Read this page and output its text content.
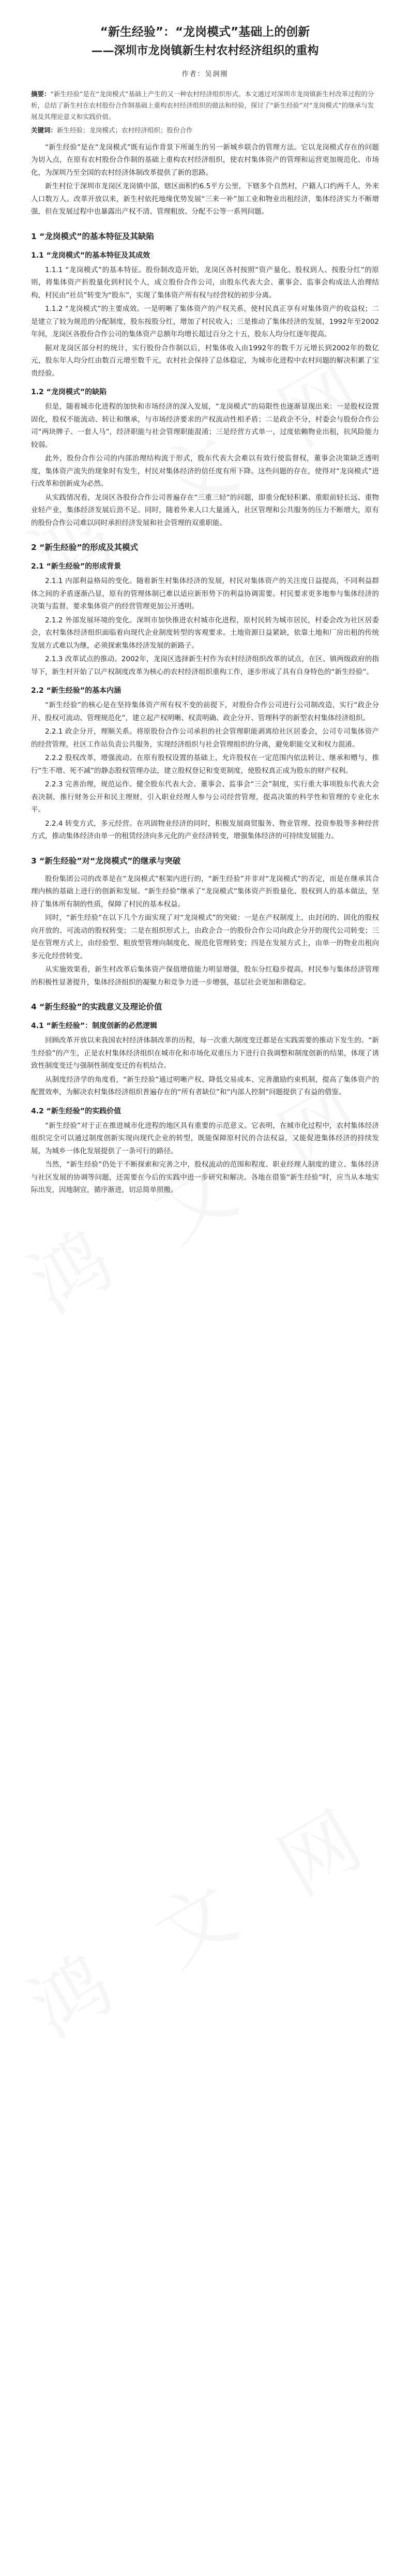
“新生经验”：“龙岗模式”基础上的创新
——深圳市龙岗镇新生村农村经济组织的重构
作者：吴润刚

摘要：“新生经验”是在“龙岗模式”基础上产生的又一种农村经济组织形式。本文通过对深圳市龙岗镇新生村改革过程的分析，总结了新生村在农村股份合作制基础上重构农村经济组织的做法和经验，探讨了“新生经验”对“龙岗模式”的继承与发展及其理论意义和实践价值。

关键词：新生经验；龙岗模式；农村经济组织；股份合作

“新生经验”是在“龙岗模式”既有运作背景下所诞生的另一新城乡联合的管理方法。它以龙岗模式存在的问题为切入点，在原有农村股份合作制的基础上重构农村经济组织，使农村集体资产的管理和运营更加规范化、市场化，为深圳乃至全国的农村经济体制改革提供了新的思路。

新生村位于深圳市龙岗区龙岗镇中部，辖区面积约6.5平方公里，下辖多个自然村，户籍人口约两千人，外来人口数万人。改革开放以来，新生村依托地缘优势发展“三来一补”加工业和物业出租经济，集体经济实力不断增强，但在发展过程中也暴露出产权不清、管理粗放、分配不公等一系列问题。

1 “龙岗模式”的基本特征及其缺陷
1.1 “龙岗模式”的基本特征及其成效

1.1.1 “龙岗模式”的基本特征。股份制改造开始，龙岗区各村按照“资产量化、股权到人、按股分红”的原则，将集体资产折股量化到村民个人，成立股份合作公司，由股东代表大会、董事会、监事会构成法人治理结构，村民由“社员”转变为“股东”，实现了集体资产所有权与经营权的初步分离。

1.1.2 “龙岗模式”的主要成效。一是明晰了集体资产的产权关系，使村民真正享有对集体资产的收益权；二是建立了较为规范的分配制度，股东按股分红，增加了村民收入；三是推动了集体经济的发展，1992年至2002年间，龙岗区各股份合作公司的集体资产总额年均增长超过百分之十五，股东人均分红逐年提高。

据对龙岗区部分村的统计，实行股份合作制以后，村集体收入由1992年的数千万元增长到2002年的数亿元，股东年人均分红由数百元增至数千元，农村社会保持了总体稳定，为城市化进程中农村问题的解决积累了宝贵经验。

1.2 “龙岗模式”的缺陷

但是，随着城市化进程的加快和市场经济的深入发展，“龙岗模式”的局限性也逐渐显现出来：一是股权设置固化，股权不能流动、转让和继承，与市场经济要求的产权流动性相矛盾；二是政企不分，村委会与股份合作公司“两块牌子、一套人马”，经济职能与社会管理职能混淆；三是经营方式单一，过度依赖物业出租，抗风险能力较弱。

此外，股份合作公司的内部治理结构流于形式，股东代表大会难以有效行使监督权，董事会决策缺乏透明度，集体资产流失的现象时有发生，村民对集体经济的信任度有所下降。这些问题的存在，使得对“龙岗模式”进行改革和创新成为必然。

从实践情况看，龙岗区各股份合作公司普遍存在“三重三轻”的问题，即重分配轻积累、重眼前轻长远、重物业轻产业，集体经济发展后劲不足。同时，随着外来人口大量涌入，社区管理和公共服务的压力不断增大，原有的股份合作公司难以同时承担经济发展和社会管理的双重职能。

2 “新生经验”的形成及其模式
2.1 “新生经验”的形成背景

2.1.1 内部利益格局的变化。随着新生村集体经济的发展，村民对集体资产的关注度日益提高，不同利益群体之间的矛盾逐渐凸显，原有的管理体制已难以适应新形势下的利益协调需要。村民要求更多地参与集体经济的决策与监督，要求集体资产的经营管理更加公开透明。

2.1.2 外部发展环境的变化。深圳市加快推进农村城市化进程，原村民转为城市居民，村委会改为社区居委会，农村集体经济组织面临着向现代企业制度转型的客观要求。土地资源日益紧缺，依靠土地和厂房出租的传统发展方式难以为继，必须探索集体经济发展的新路子。

2.1.3 改革试点的推动。2002年，龙岗区选择新生村作为农村经济组织改革的试点，在区、镇两级政府的指导下，新生村开始了以产权制度改革为核心的农村经济组织重构工作，逐步形成了具有自身特色的“新生经验”。

2.2 “新生经验”的基本内涵

“新生经验”的核心是在坚持集体资产所有权不变的前提下，对股份合作公司进行公司制改造，实行“政企分开、股权可流动、管理规范化”，建立起产权明晰、权责明确、政企分开、管理科学的新型农村集体经济组织。

2.2.1 政企分开，理顺关系。将原股份合作公司承担的社会管理职能剥离给社区居委会，公司专司集体资产的经营管理，社区工作站负责公共服务，实现经济组织与社会管理组织的分离，避免职能交叉和权力混淆。

2.2.2 股权改革，增强流动。在原有股权设置的基础上，允许股权在一定范围内依法转让、继承和赠与，推行“生不增、死不减”的静态股权管理办法，建立股权登记和变更制度，使股权真正成为股东的财产权利。

2.2.3 完善治理，规范运作。健全股东代表大会、董事会、监事会“三会”制度，实行重大事项股东代表大会表决制，推行财务公开和民主理财，引入职业经理人参与公司经营管理，提高决策的科学性和管理的专业化水平。

2.2.4 转变方式，多元经营。在巩固物业经济的同时，积极发展商贸服务、物业管理、投资参股等多种经营方式，推动集体经济由单一的租赁经济向多元化的产业经济转变，增强集体经济的可持续发展能力。

3 “新生经验”对“龙岗模式”的继承与突破

股份集团公司的改革是在“龙岗模式”框架内进行的，“新生经验”并非对“龙岗模式”的否定，而是在继承其合理内核的基础上进行的创新和发展。“新生经验”继承了“龙岗模式”集体资产折股量化、股权到人的基本做法，坚持了集体所有制的性质，保障了村民的基本权益。

同时，“新生经验”在以下几个方面实现了对“龙岗模式”的突破：一是在产权制度上，由封闭的、固化的股权向开放的、可流动的股权转变；二是在组织形式上，由政企合一的股份合作公司向政企分开的现代公司转变；三是在管理方式上，由经验型、粗放型管理向制度化、规范化管理转变；四是在发展方式上，由单一的物业出租向多元化经营转变。

从实施效果看，新生村改革后集体资产保值增值能力明显增强，股东分红稳步提高，村民参与集体经济管理的积极性显著提升，集体经济组织的凝聚力和竞争力进一步增强，基层社会更加和谐稳定。

4 “新生经验”的实践意义及理论价值
4.1 “新生经验”：制度创新的必然逻辑

回顾改革开放以来我国农村经济体制改革的历程，每一次重大制度变迁都是在实践需要的推动下发生的。“新生经验”的产生，正是农村集体经济组织在城市化和市场化双重压力下进行自我调整和制度创新的结果，体现了诱致性制度变迁与强制性制度变迁的有机结合。

从制度经济学的角度看，“新生经验”通过明晰产权、降低交易成本、完善激励约束机制，提高了集体资产的配置效率，为解决农村集体经济组织普遍存在的“所有者缺位”和“内部人控制”问题提供了有益的借鉴。

4.2 “新生经验”的实践价值

“新生经验”对于正在推进城市化进程的地区具有重要的示范意义。它表明，在城市化过程中，农村集体经济组织完全可以通过制度创新实现向现代企业的转型，既能保障原村民的合法权益，又能促进集体经济的持续发展，为城乡一体化发展提供了一条可行的路径。

当然，“新生经验”仍处于不断探索和完善之中，股权流动的范围和程度、职业经理人制度的建立、集体经济与社区发展的协调等问题，还需要在今后的实践中进一步研究和解决。各地在借鉴“新生经验”时，应当从本地实际出发，因地制宜，循序渐进，切忌简单照搬。
